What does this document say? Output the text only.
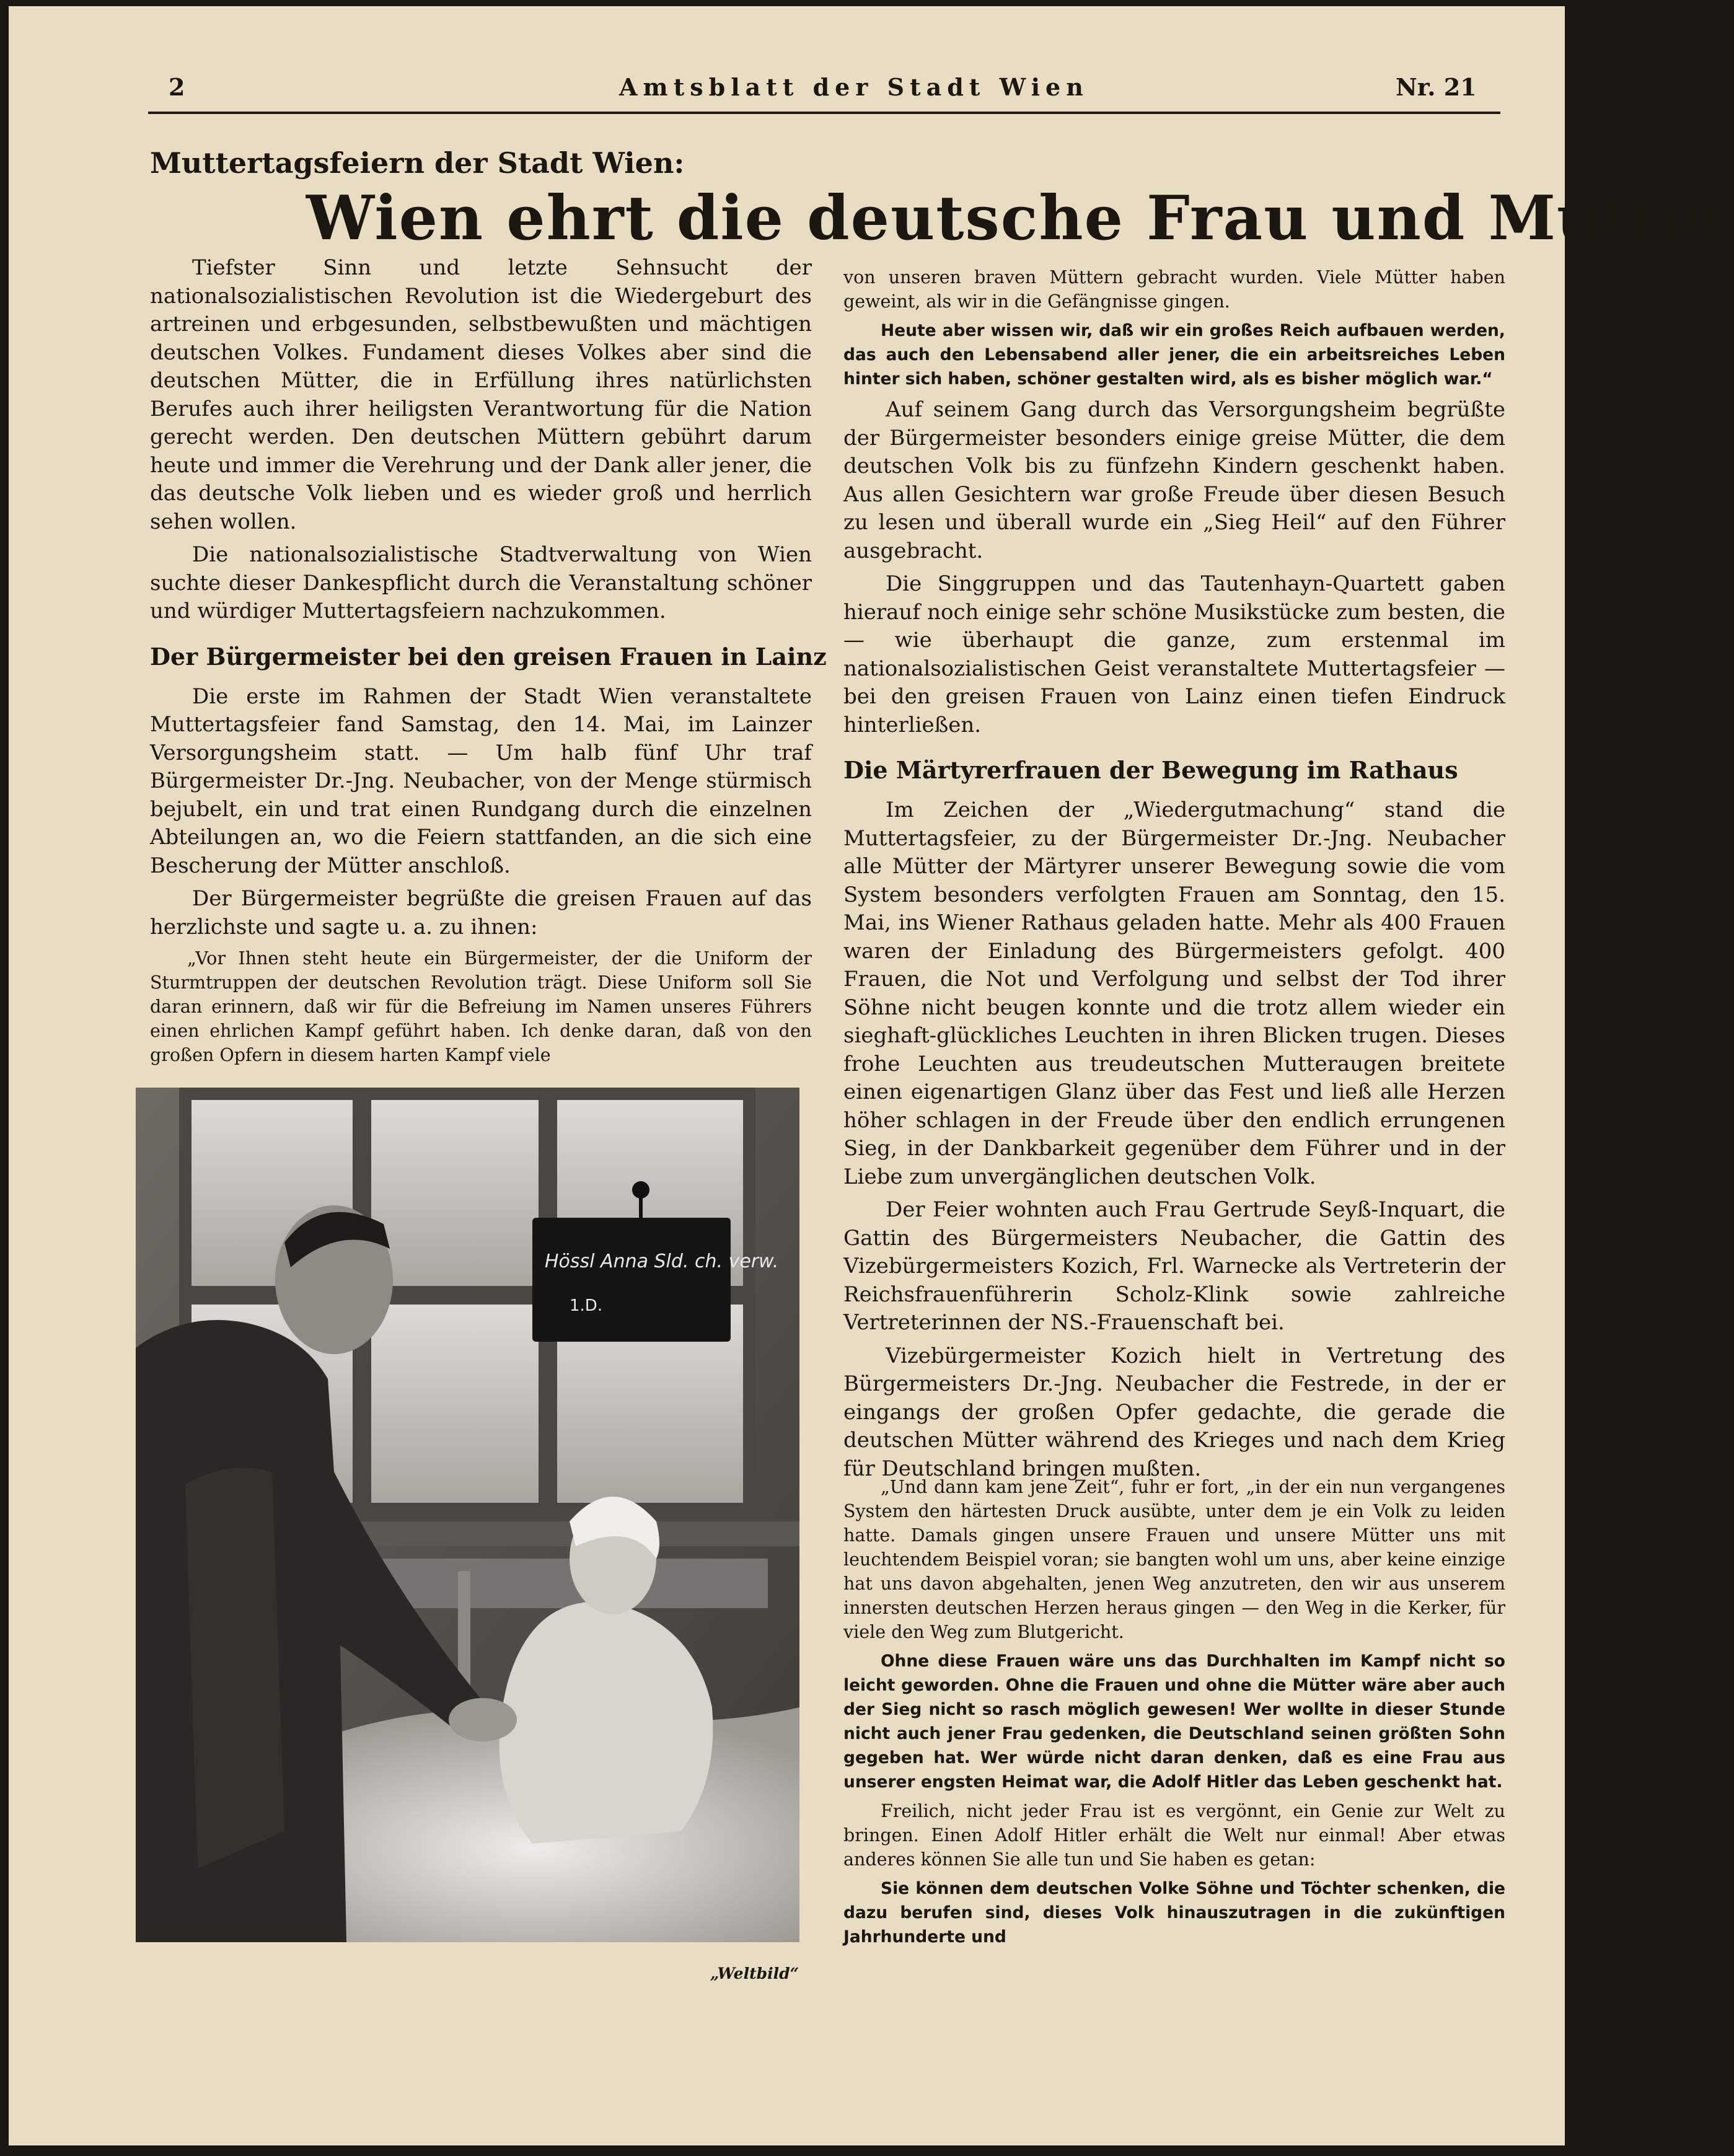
2	Amtsblatt der Stadt Wien	Nr. 21
Muttertagsfeiern der Stadt Wien:
Wien ehrt die deutsche Frau und Mutter

Tiefster Sinn und letzte Sehnsucht der nationalsozialistischen Revolution ist die Wiedergeburt des artreinen und erbgesunden, selbstbewußten und mächtigen deutschen Volkes. Fundament dieses Volkes aber sind die deutschen Mütter, die in Erfüllung ihres natürlichsten Berufes auch ihrer heiligsten Verantwortung für die Nation gerecht werden. Den deutschen Müttern gebührt darum heute und immer die Verehrung und der Dank aller jener, die das deutsche Volk lieben und es wieder groß und herrlich sehen wollen.

Die nationalsozialistische Stadtverwaltung von Wien suchte dieser Dankespflicht durch die Veranstaltung schöner und würdiger Muttertagsfeiern nachzukommen.

Der Bürgermeister bei den greisen Frauen in Lainz

Die erste im Rahmen der Stadt Wien veranstaltete Muttertagsfeier fand Samstag, den 14. Mai, im Lainzer Versorgungsheim statt. — Um halb fünf Uhr traf Bürgermeister Dr.-Jng. Neubacher, von der Menge stürmisch bejubelt, ein und trat einen Rundgang durch die einzelnen Abteilungen an, wo die Feiern stattfanden, an die sich eine Bescherung der Mütter anschloß.

Der Bürgermeister begrüßte die greisen Frauen auf das herzlichste und sagte u. a. zu ihnen:

„Vor Ihnen steht heute ein Bürgermeister, der die Uniform der Sturmtruppen der deutschen Revolution trägt. Diese Uniform soll Sie daran erinnern, daß wir für die Befreiung im Namen unseres Führers einen ehrlichen Kampf geführt haben. Ich denke daran, daß von den großen Opfern in diesem harten Kampf viele

Hössl Anna Sld. ch. verw.
1.D.
„Weltbild“

von unseren braven Müttern gebracht wurden. Viele Mütter haben geweint, als wir in die Gefängnisse gingen.

Heute aber wissen wir, daß wir ein großes Reich aufbauen werden, das auch den Lebensabend aller jener, die ein arbeitsreiches Leben hinter sich haben, schöner gestalten wird, als es bisher möglich war.“

Auf seinem Gang durch das Versorgungsheim begrüßte der Bürgermeister besonders einige greise Mütter, die dem deutschen Volk bis zu fünfzehn Kindern geschenkt haben. Aus allen Gesichtern war große Freude über diesen Besuch zu lesen und überall wurde ein „Sieg Heil“ auf den Führer ausgebracht.

Die Singgruppen und das Tautenhayn-Quartett gaben hierauf noch einige sehr schöne Musikstücke zum besten, die — wie überhaupt die ganze, zum erstenmal im nationalsozialistischen Geist veranstaltete Muttertagsfeier — bei den greisen Frauen von Lainz einen tiefen Eindruck hinterließen.

Die Märtyrerfrauen der Bewegung im Rathaus

Im Zeichen der „Wiedergutmachung“ stand die Muttertagsfeier, zu der Bürgermeister Dr.-Jng. Neubacher alle Mütter der Märtyrer unserer Bewegung sowie die vom System besonders verfolgten Frauen am Sonntag, den 15. Mai, ins Wiener Rathaus geladen hatte. Mehr als 400 Frauen waren der Einladung des Bürgermeisters gefolgt. 400 Frauen, die Not und Verfolgung und selbst der Tod ihrer Söhne nicht beugen konnte und die trotz allem wieder ein sieghaft-glückliches Leuchten in ihren Blicken trugen. Dieses frohe Leuchten aus treudeutschen Mutteraugen breitete einen eigenartigen Glanz über das Fest und ließ alle Herzen höher schlagen in der Freude über den endlich errungenen Sieg, in der Dankbarkeit gegenüber dem Führer und in der Liebe zum unvergänglichen deutschen Volk.

Der Feier wohnten auch Frau Gertrude Seyß-Inquart, die Gattin des Bürgermeisters Neubacher, die Gattin des Vizebürgermeisters Kozich, Frl. Warnecke als Vertreterin der Reichsfrauenführerin Scholz-Klink sowie zahlreiche Vertreterinnen der NS.-Frauenschaft bei.

Vizebürgermeister Kozich hielt in Vertretung des Bürgermeisters Dr.-Jng. Neubacher die Festrede, in der er eingangs der großen Opfer gedachte, die gerade die deutschen Mütter während des Krieges und nach dem Krieg für Deutschland bringen mußten.

„Und dann kam jene Zeit“, fuhr er fort, „in der ein nun vergangenes System den härtesten Druck ausübte, unter dem je ein Volk zu leiden hatte. Damals gingen unsere Frauen und unsere Mütter uns mit leuchtendem Beispiel voran; sie bangten wohl um uns, aber keine einzige hat uns davon abgehalten, jenen Weg anzutreten, den wir aus unserem innersten deutschen Herzen heraus gingen — den Weg in die Kerker, für viele den Weg zum Blutgericht.

Ohne diese Frauen wäre uns das Durchhalten im Kampf nicht so leicht geworden. Ohne die Frauen und ohne die Mütter wäre aber auch der Sieg nicht so rasch möglich gewesen! Wer wollte in dieser Stunde nicht auch jener Frau gedenken, die Deutschland seinen größten Sohn gegeben hat. Wer würde nicht daran denken, daß es eine Frau aus unserer engsten Heimat war, die Adolf Hitler das Leben geschenkt hat.

Freilich, nicht jeder Frau ist es vergönnt, ein Genie zur Welt zu bringen. Einen Adolf Hitler erhält die Welt nur einmal! Aber etwas anderes können Sie alle tun und Sie haben es getan:

Sie können dem deutschen Volke Söhne und Töchter schenken, die dazu berufen sind, dieses Volk hinauszutragen in die zukünftigen Jahrhunderte und
